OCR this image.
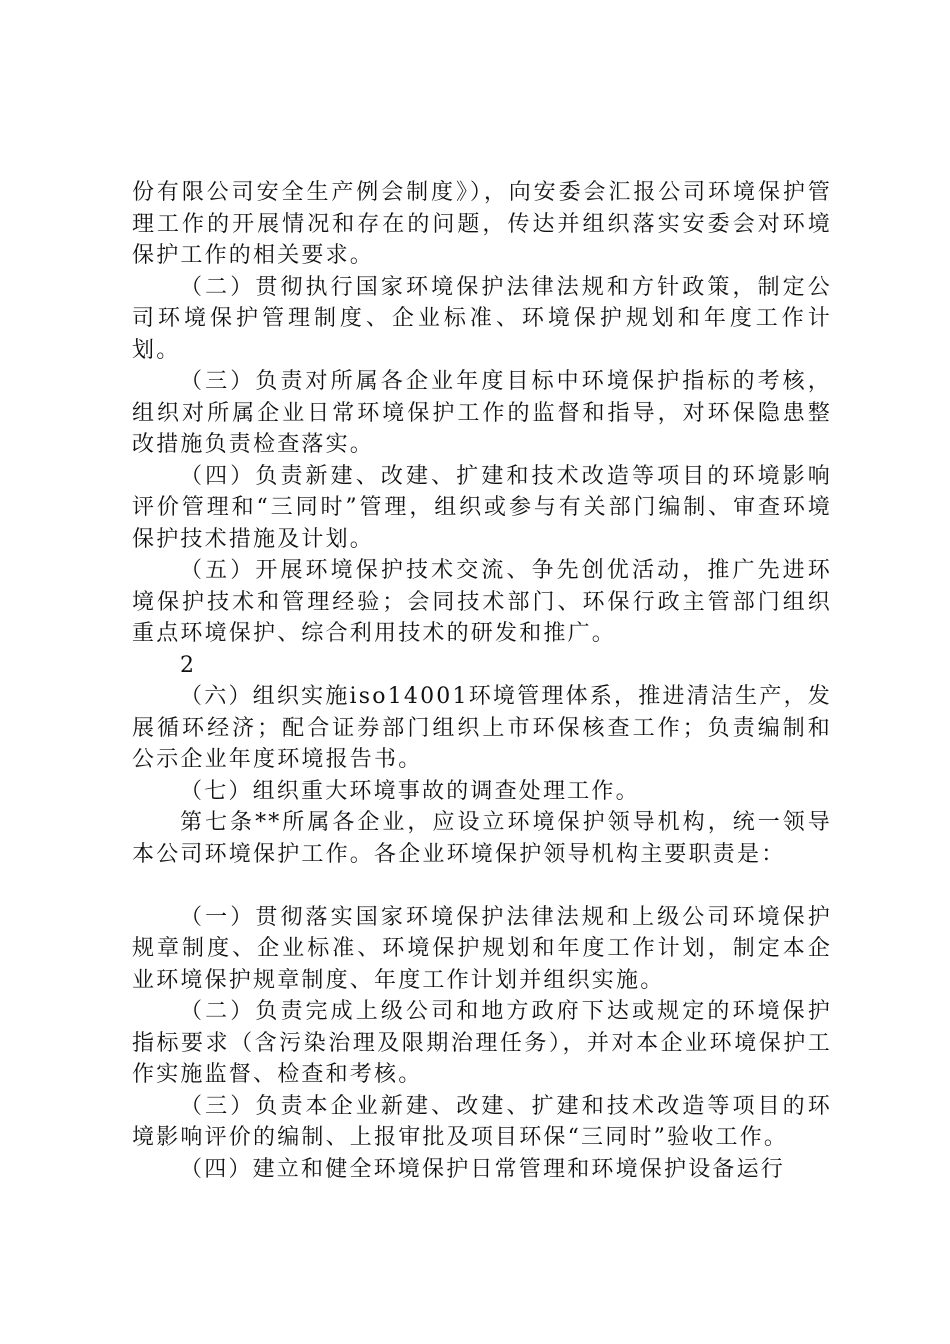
份有限公司安全生产例会制度》），向安委会汇报公司环境保护管理工作的开展情况和存在的问题，传达并组织落实安委会对环境保护工作的相关要求。

（二）贯彻执行国家环境保护法律法规和方针政策，制定公司环境保护管理制度、企业标准、环境保护规划和年度工作计划。

（三）负责对所属各企业年度目标中环境保护指标的考核，组织对所属企业日常环境保护工作的监督和指导，对环保隐患整改措施负责检查落实。

（四）负责新建、改建、扩建和技术改造等项目的环境影响评价管理和“三同时”管理，组织或参与有关部门编制、审查环境保护技术措施及计划。

（五）开展环境保护技术交流、争先创优活动，推广先进环境保护技术和管理经验；会同技术部门、环保行政主管部门组织重点环境保护、综合利用技术的研发和推广。

2

（六）组织实施iso14001环境管理体系，推进清洁生产，发展循环经济；配合证券部门组织上市环保核查工作；负责编制和公示企业年度环境报告书。

（七）组织重大环境事故的调查处理工作。

第七条**所属各企业，应设立环境保护领导机构，统一领导本公司环境保护工作。各企业环境保护领导机构主要职责是：

（一）贯彻落实国家环境保护法律法规和上级公司环境保护规章制度、企业标准、环境保护规划和年度工作计划，制定本企业环境保护规章制度、年度工作计划并组织实施。

（二）负责完成上级公司和地方政府下达或规定的环境保护指标要求（含污染治理及限期治理任务），并对本企业环境保护工作实施监督、检查和考核。

（三）负责本企业新建、改建、扩建和技术改造等项目的环境影响评价的编制、上报审批及项目环保“三同时”验收工作。

（四）建立和健全环境保护日常管理和环境保护设备运行
